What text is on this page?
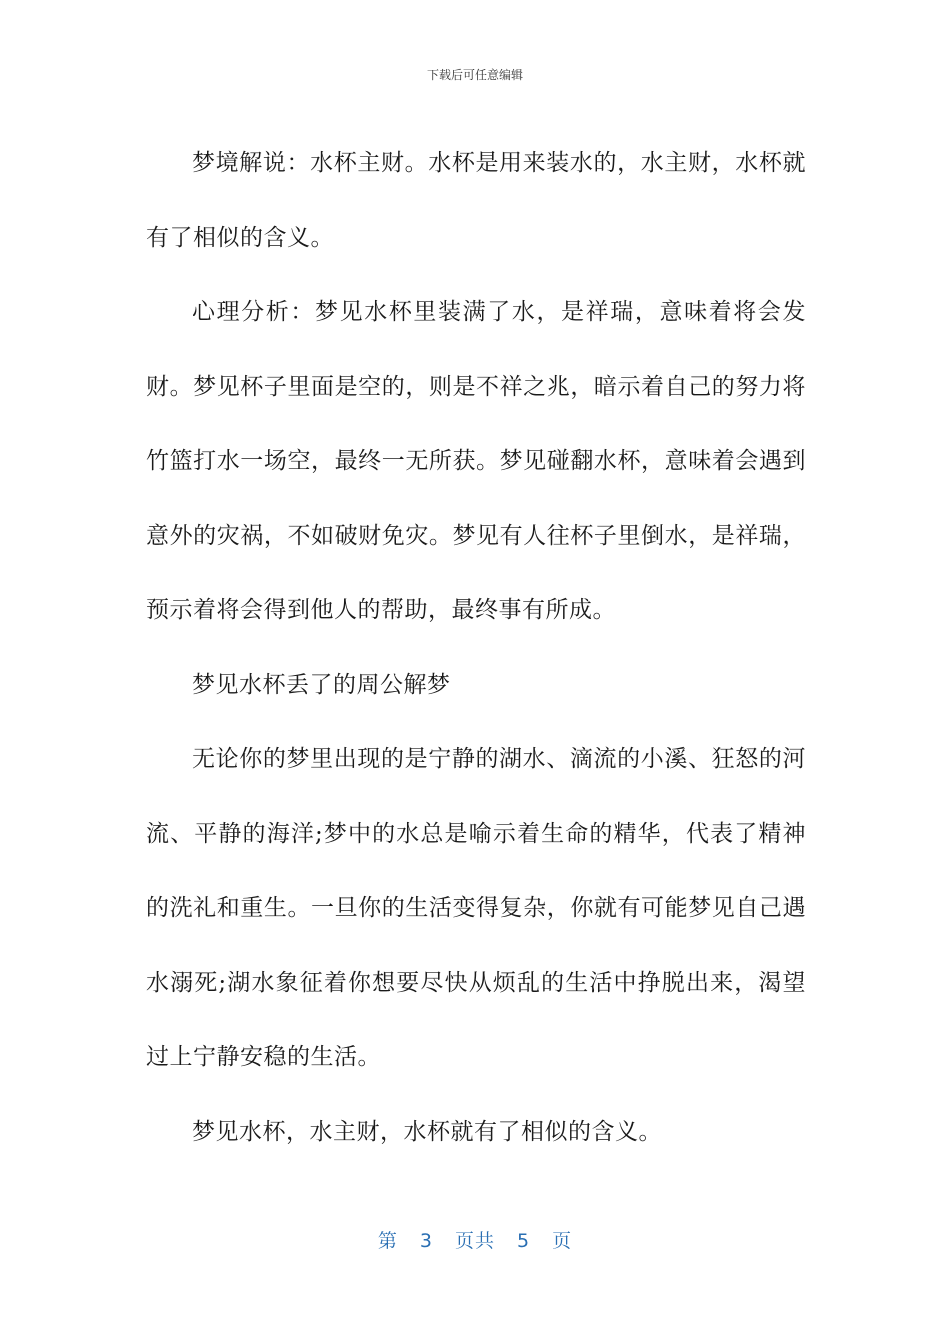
下载后可任意编辑

梦境解说：水杯主财。水杯是用来装水的，水主财，水杯就有了相似的含义。

心理分析：梦见水杯里装满了水，是祥瑞，意味着将会发财。梦见杯子里面是空的，则是不祥之兆，暗示着自己的努力将竹篮打水一场空，最终一无所获。梦见碰翻水杯，意味着会遇到意外的灾祸，不如破财免灾。梦见有人往杯子里倒水，是祥瑞，预示着将会得到他人的帮助，最终事有所成。

梦见水杯丢了的周公解梦

无论你的梦里出现的是宁静的湖水、滴流的小溪、狂怒的河流、平静的海洋;梦中的水总是喻示着生命的精华，代表了精神的洗礼和重生。一旦你的生活变得复杂，你就有可能梦见自己遇水溺死;湖水象征着你想要尽快从烦乱的生活中挣脱出来，渴望过上宁静安稳的生活。

梦见水杯，水主财，水杯就有了相似的含义。

第 3 页共 5 页
